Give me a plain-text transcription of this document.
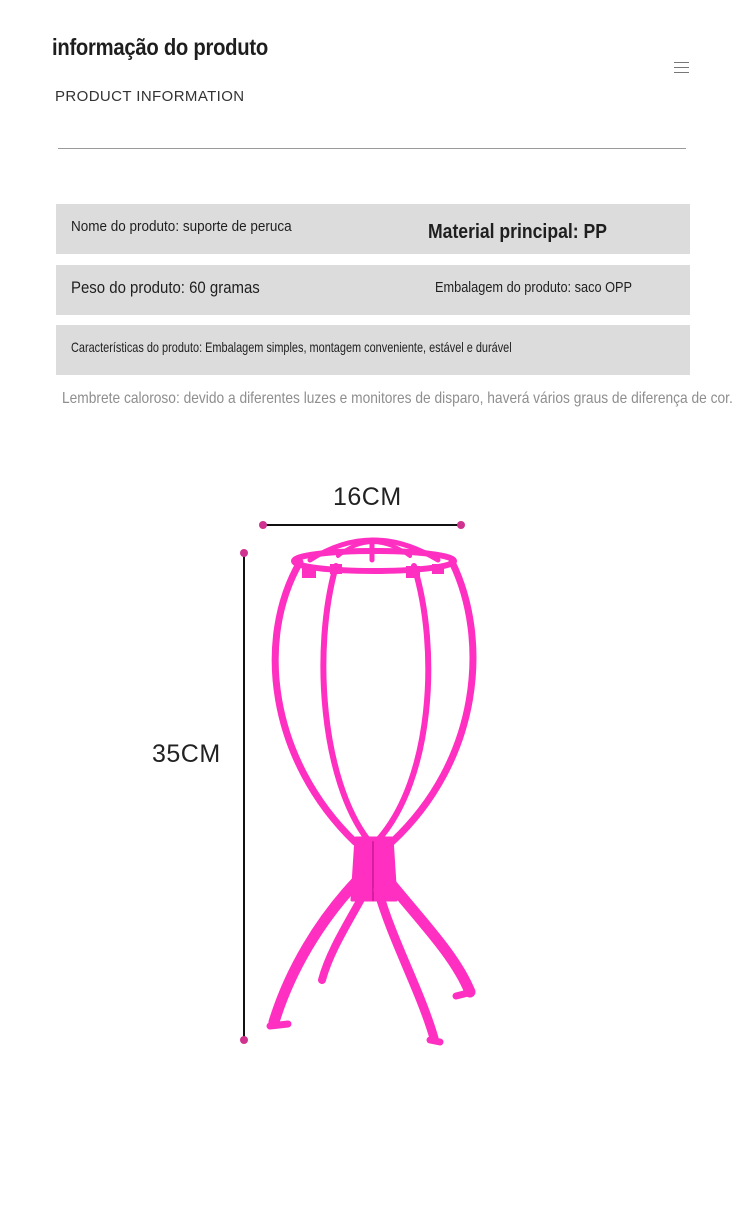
informação do produto
PRODUCT INFORMATION
Nome do produto: suporte de peruca	Material principal: PP
Peso do produto: 60 gramas	Embalagem do produto: saco OPP
Características do produto: Embalagem simples, montagem conveniente, estável e durável
Lembrete caloroso: devido a diferentes luzes e monitores de disparo, haverá vários graus de diferença de cor.
16CM
35CM
